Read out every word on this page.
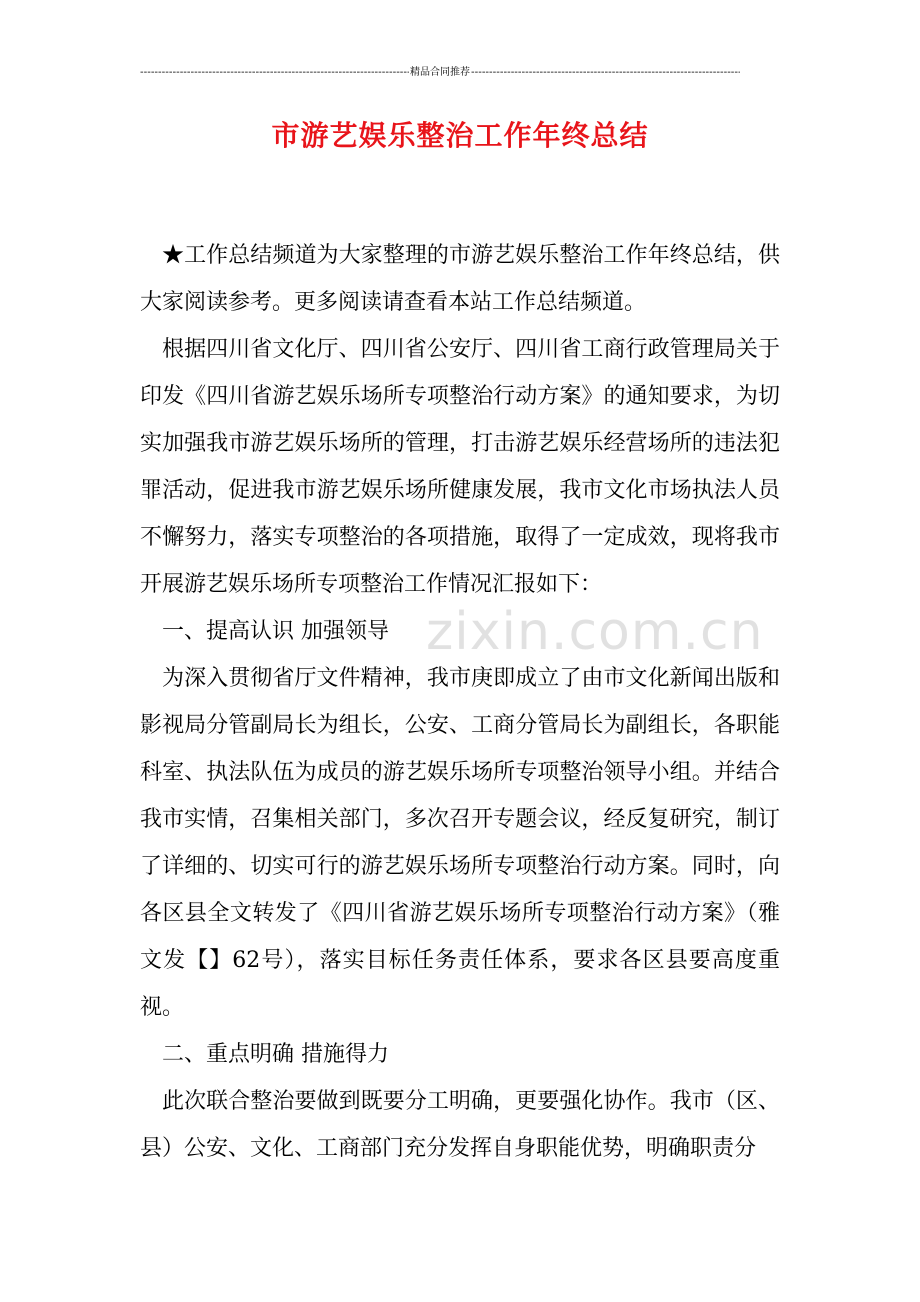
-----
精品合同推荐
-----
市游艺娱乐整治工作年终总结

★工作总结频道为大家整理的市游艺娱乐整治工作年终总结，供大家阅读参考。更多阅读请查看本站工作总结频道。

根据四川省文化厅、四川省公安厅、四川省工商行政管理局关于印发《四川省游艺娱乐场所专项整治行动方案》的通知要求，为切实加强我市游艺娱乐场所的管理，打击游艺娱乐经营场所的违法犯罪活动，促进我市游艺娱乐场所健康发展，我市文化市场执法人员不懈努力，落实专项整治的各项措施，取得了一定成效，现将我市开展游艺娱乐场所专项整治工作情况汇报如下：

一、提高认识 加强领导

为深入贯彻省厅文件精神，我市庚即成立了由市文化新闻出版和影视局分管副局长为组长，公安、工商分管局长为副组长，各职能科室、执法队伍为成员的游艺娱乐场所专项整治领导小组。并结合我市实情，召集相关部门，多次召开专题会议，经反复研究，制订了详细的、切实可行的游艺娱乐场所专项整治行动方案。同时，向各区县全文转发了《四川省游艺娱乐场所专项整治行动方案》（雅文发【】62号），落实目标任务责任体系，要求各区县要高度重视。

二、重点明确 措施得力

此次联合整治要做到既要分工明确，更要强化协作。我市（区、县）公安、文化、工商部门充分发挥自身职能优势，明确职责分

zixin.com.cn
